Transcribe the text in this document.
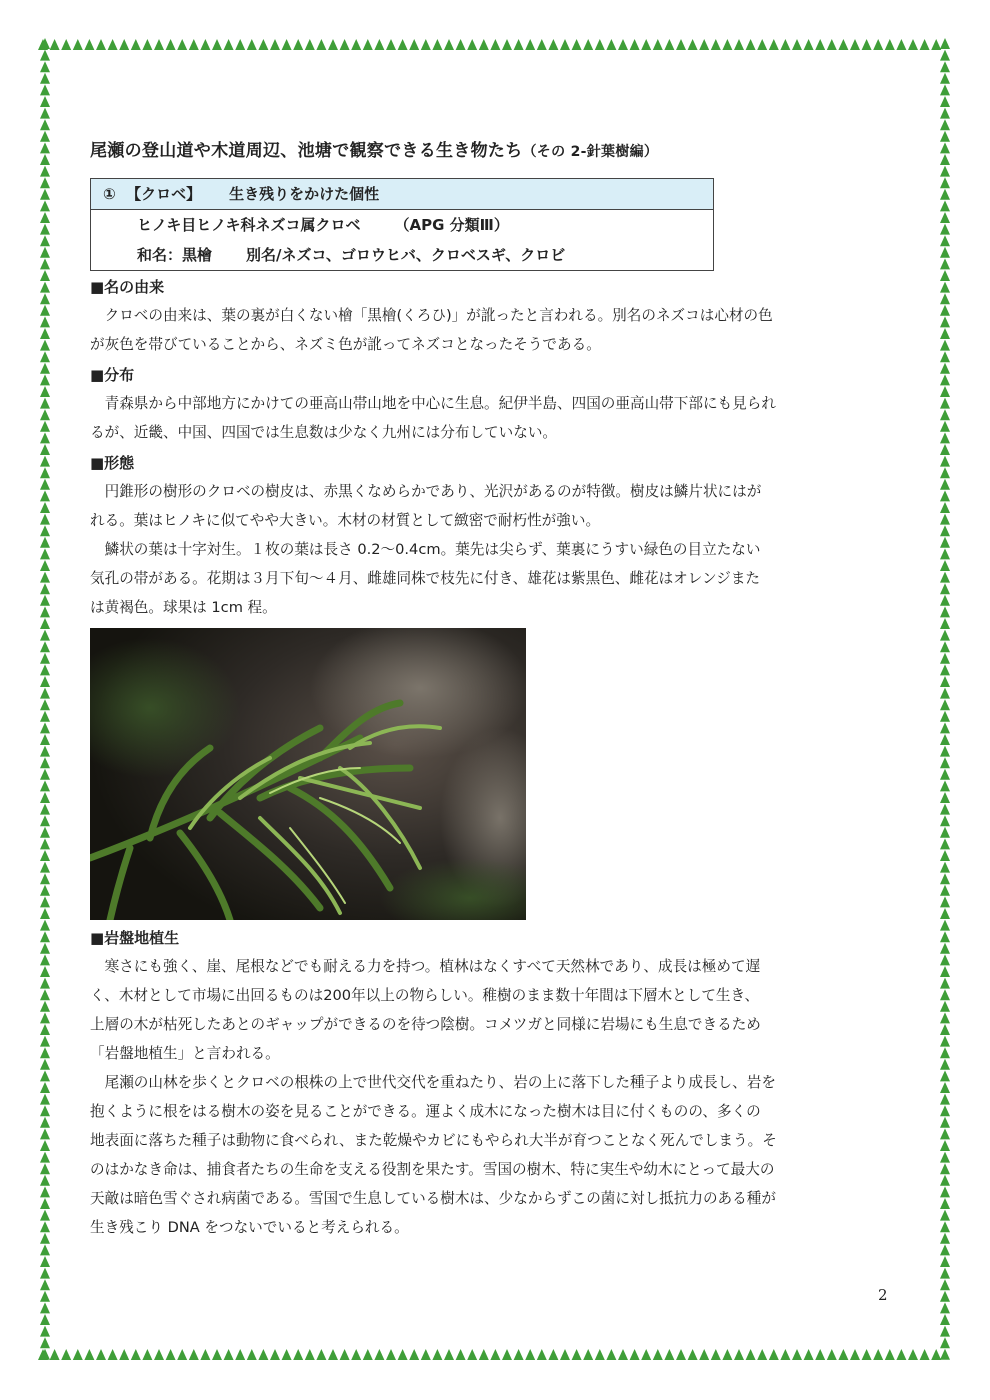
尾瀬の登山道や木道周辺、池塘で観察できる生き物たち（その 2-針葉樹編）
① 【クロベ】 生き残りをかけた個性
ヒノキ目ヒノキ科ネズコ属クロベ （APG 分類Ⅲ）
和名：黒檜 別名/ネズコ、ゴロウヒバ、クロベスギ、クロビ
■名の由来

クロベの由来は、葉の裏が白くない檜「黒檜(くろひ)」が訛ったと言われる。別名のネズコは心材の色
が灰色を帯びていることから、ネズミ色が訛ってネズコとなったそうである。

■分布

青森県から中部地方にかけての亜高山帯山地を中心に生息。紀伊半島、四国の亜高山帯下部にも見られ
るが、近畿、中国、四国では生息数は少なく九州には分布していない。

■形態

円錐形の樹形のクロベの樹皮は、赤黒くなめらかであり、光沢があるのが特徴。樹皮は鱗片状にはが
れる。葉はヒノキに似てやや大きい。木材の材質として緻密で耐朽性が強い。

鱗状の葉は十字対生。１枚の葉は長さ 0.2〜0.4cm。葉先は尖らず、葉裏にうすい緑色の目立たない
気孔の帯がある。花期は３月下旬〜４月、雌雄同株で枝先に付き、雄花は紫黒色、雌花はオレンジまた
は黄褐色。球果は 1cm 程。

■岩盤地植生

寒さにも強く、崖、尾根などでも耐える力を持つ。植林はなくすべて天然林であり、成長は極めて遅
く、木材として市場に出回るものは200年以上の物らしい。稚樹のまま数十年間は下層木として生き、
上層の木が枯死したあとのギャップができるのを待つ陰樹。コメツガと同様に岩場にも生息できるため
「岩盤地植生」と言われる。

尾瀬の山林を歩くとクロベの根株の上で世代交代を重ねたり、岩の上に落下した種子より成長し、岩を
抱くように根をはる樹木の姿を見ることができる。運よく成木になった樹木は目に付くものの、多くの
地表面に落ちた種子は動物に食べられ、また乾燥やカビにもやられ大半が育つことなく死んでしまう。そ
のはかなき命は、捕食者たちの生命を支える役割を果たす。雪国の樹木、特に実生や幼木にとって最大の
天敵は暗色雪ぐされ病菌である。雪国で生息している樹木は、少なからずこの菌に対し抵抗力のある種が
生き残こり DNA をつないでいると考えられる。

2
